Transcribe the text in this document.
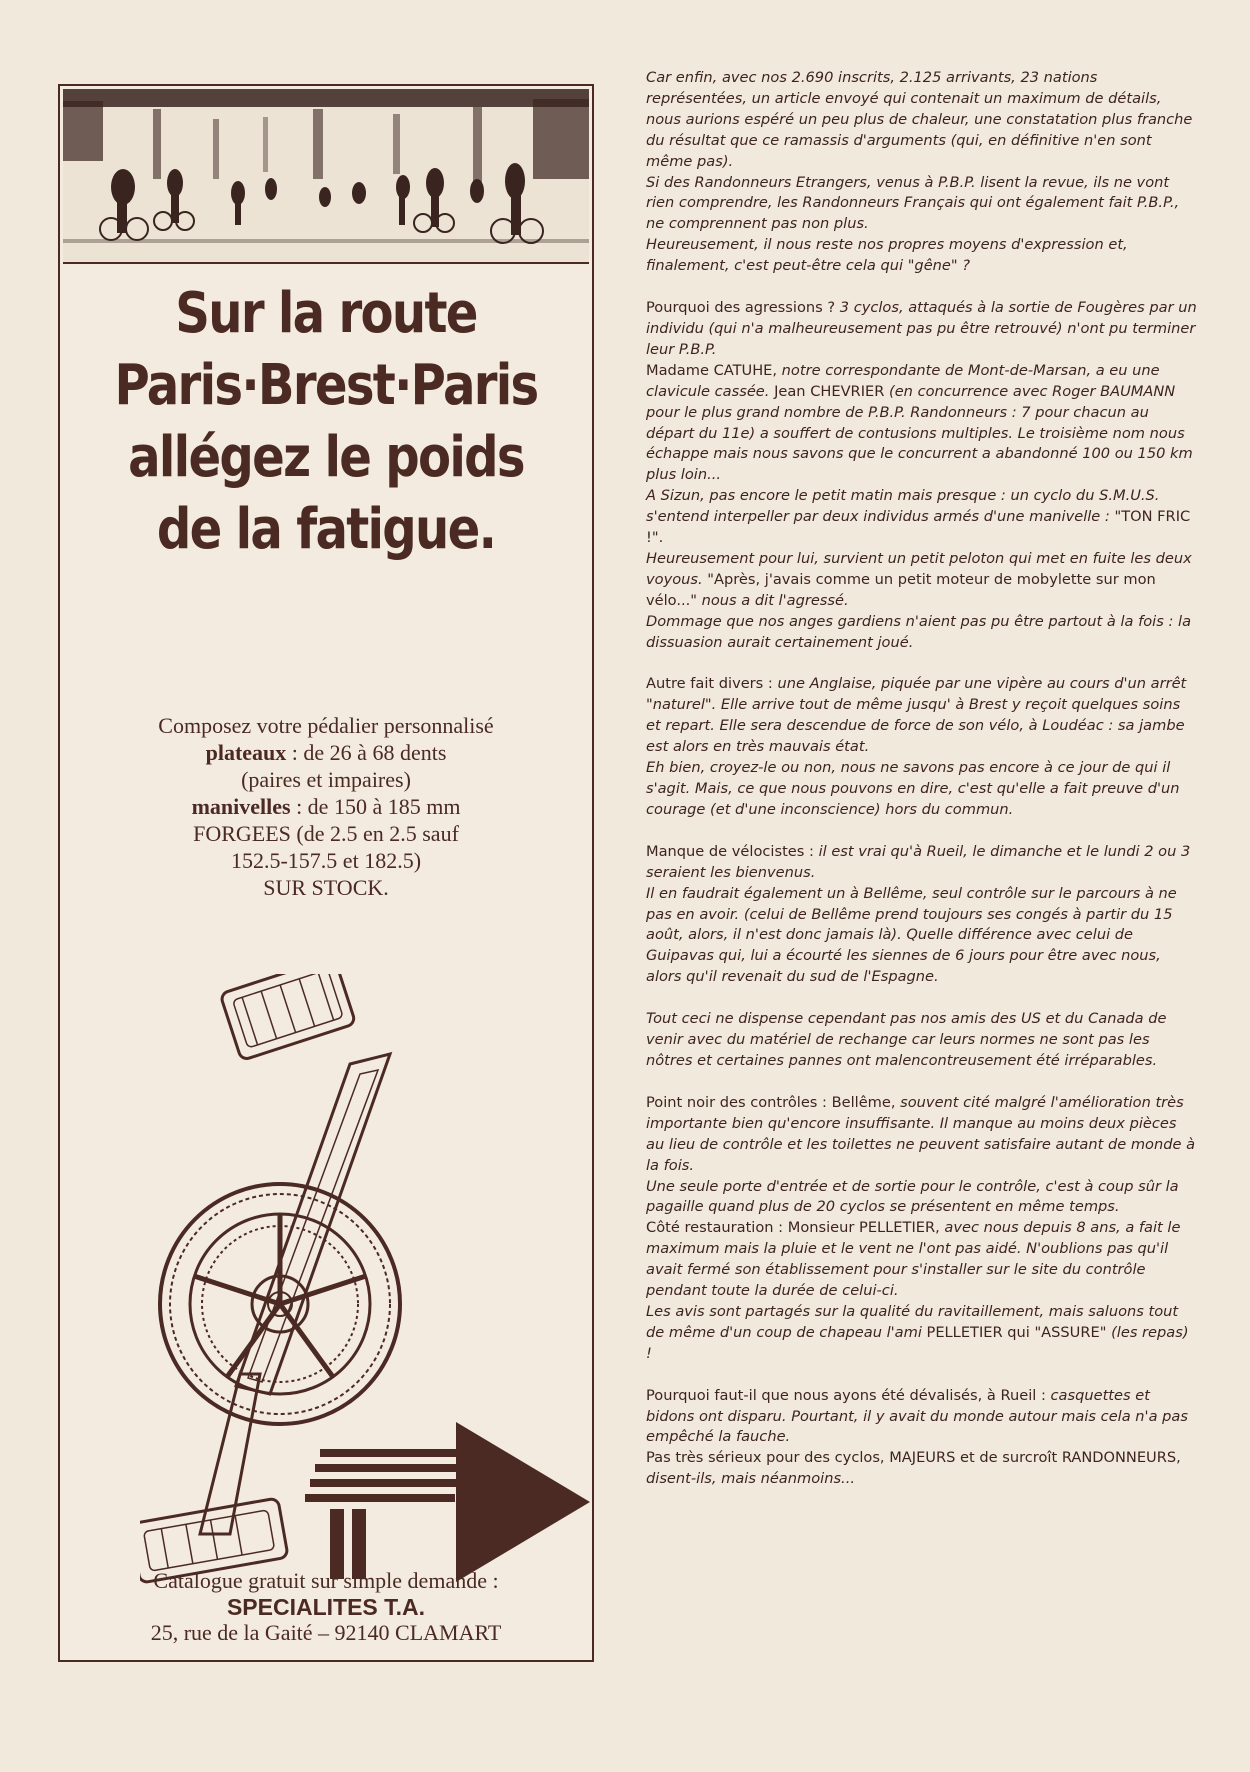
Sur la route
Paris·Brest·Paris
allégez le poids
de la fatigue.
Composez votre pédalier personnalisé
plateaux : de 26 à 68 dents
(paires et impaires)
manivelles : de 150 à 185 mm
FORGEES (de 2.5 en 2.5 sauf
152.5-157.5 et 182.5)
SUR STOCK.
Catalogue gratuit sur simple demande :
SPECIALITES T.A.
25, rue de la Gaité – 92140 CLAMART

Car enfin, avec nos 2.690 inscrits, 2.125 arrivants, 23 nations représentées, un article envoyé qui contenait un maximum de détails, nous aurions espéré un peu plus de chaleur, une constatation plus franche du résultat que ce ramassis d'arguments (qui, en définitive n'en sont même pas).
Si des Randonneurs Etrangers, venus à P.B.P. lisent la revue, ils ne vont rien comprendre, les Randonneurs Français qui ont également fait P.B.P., ne comprennent pas non plus.
Heureusement, il nous reste nos propres moyens d'expression et, finalement, c'est peut-être cela qui "gêne" ?

Pourquoi des agressions ? 3 cyclos, attaqués à la sortie de Fougères par un individu (qui n'a malheureusement pas pu être retrouvé) n'ont pu terminer leur P.B.P.
Madame CATUHE, notre correspondante de Mont-de-Marsan, a eu une clavicule cassée. Jean CHEVRIER (en concurrence avec Roger BAUMANN pour le plus grand nombre de P.B.P. Randonneurs : 7 pour chacun au départ du 11e) a souffert de contusions multiples. Le troisième nom nous échappe mais nous savons que le concurrent a abandonné 100 ou 150 km plus loin...
A Sizun, pas encore le petit matin mais presque : un cyclo du S.M.U.S. s'entend interpeller par deux individus armés d'une manivelle : "TON FRIC !".
Heureusement pour lui, survient un petit peloton qui met en fuite les deux voyous. "Après, j'avais comme un petit moteur de mobylette sur mon vélo..." nous a dit l'agressé.
Dommage que nos anges gardiens n'aient pas pu être partout à la fois : la dissuasion aurait certainement joué.

Autre fait divers : une Anglaise, piquée par une vipère au cours d'un arrêt "naturel". Elle arrive tout de même jusqu' à Brest y reçoit quelques soins et repart. Elle sera descendue de force de son vélo, à Loudéac : sa jambe est alors en très mauvais état.
Eh bien, croyez-le ou non, nous ne savons pas encore à ce jour de qui il s'agit. Mais, ce que nous pouvons en dire, c'est qu'elle a fait preuve d'un courage (et d'une inconscience) hors du commun.

Manque de vélocistes : il est vrai qu'à Rueil, le dimanche et le lundi 2 ou 3 seraient les bienvenus.
Il en faudrait également un à Bellême, seul contrôle sur le parcours à ne pas en avoir. (celui de Bellême prend toujours ses congés à partir du 15 août, alors, il n'est donc jamais là). Quelle différence avec celui de Guipavas qui, lui a écourté les siennes de 6 jours pour être avec nous, alors qu'il revenait du sud de l'Espagne.

Tout ceci ne dispense cependant pas nos amis des US et du Canada de venir avec du matériel de rechange car leurs normes ne sont pas les nôtres et certaines pannes ont malencontreusement été irréparables.

Point noir des contrôles : Bellême, souvent cité malgré l'amélioration très importante bien qu'encore insuffisante. Il manque au moins deux pièces au lieu de contrôle et les toilettes ne peuvent satisfaire autant de monde à la fois.
Une seule porte d'entrée et de sortie pour le contrôle, c'est à coup sûr la pagaille quand plus de 20 cyclos se présentent en même temps.
Côté restauration : Monsieur PELLETIER, avec nous depuis 8 ans, a fait le maximum mais la pluie et le vent ne l'ont pas aidé. N'oublions pas qu'il avait fermé son établissement pour s'installer sur le site du contrôle pendant toute la durée de celui-ci.
Les avis sont partagés sur la qualité du ravitaillement, mais saluons tout de même d'un coup de chapeau l'ami PELLETIER qui "ASSURE" (les repas) !

Pourquoi faut-il que nous ayons été dévalisés, à Rueil : casquettes et bidons ont disparu. Pourtant, il y avait du monde autour mais cela n'a pas empêché la fauche.
Pas très sérieux pour des cyclos, MAJEURS et de surcroît RANDONNEURS, disent-ils, mais néanmoins...
